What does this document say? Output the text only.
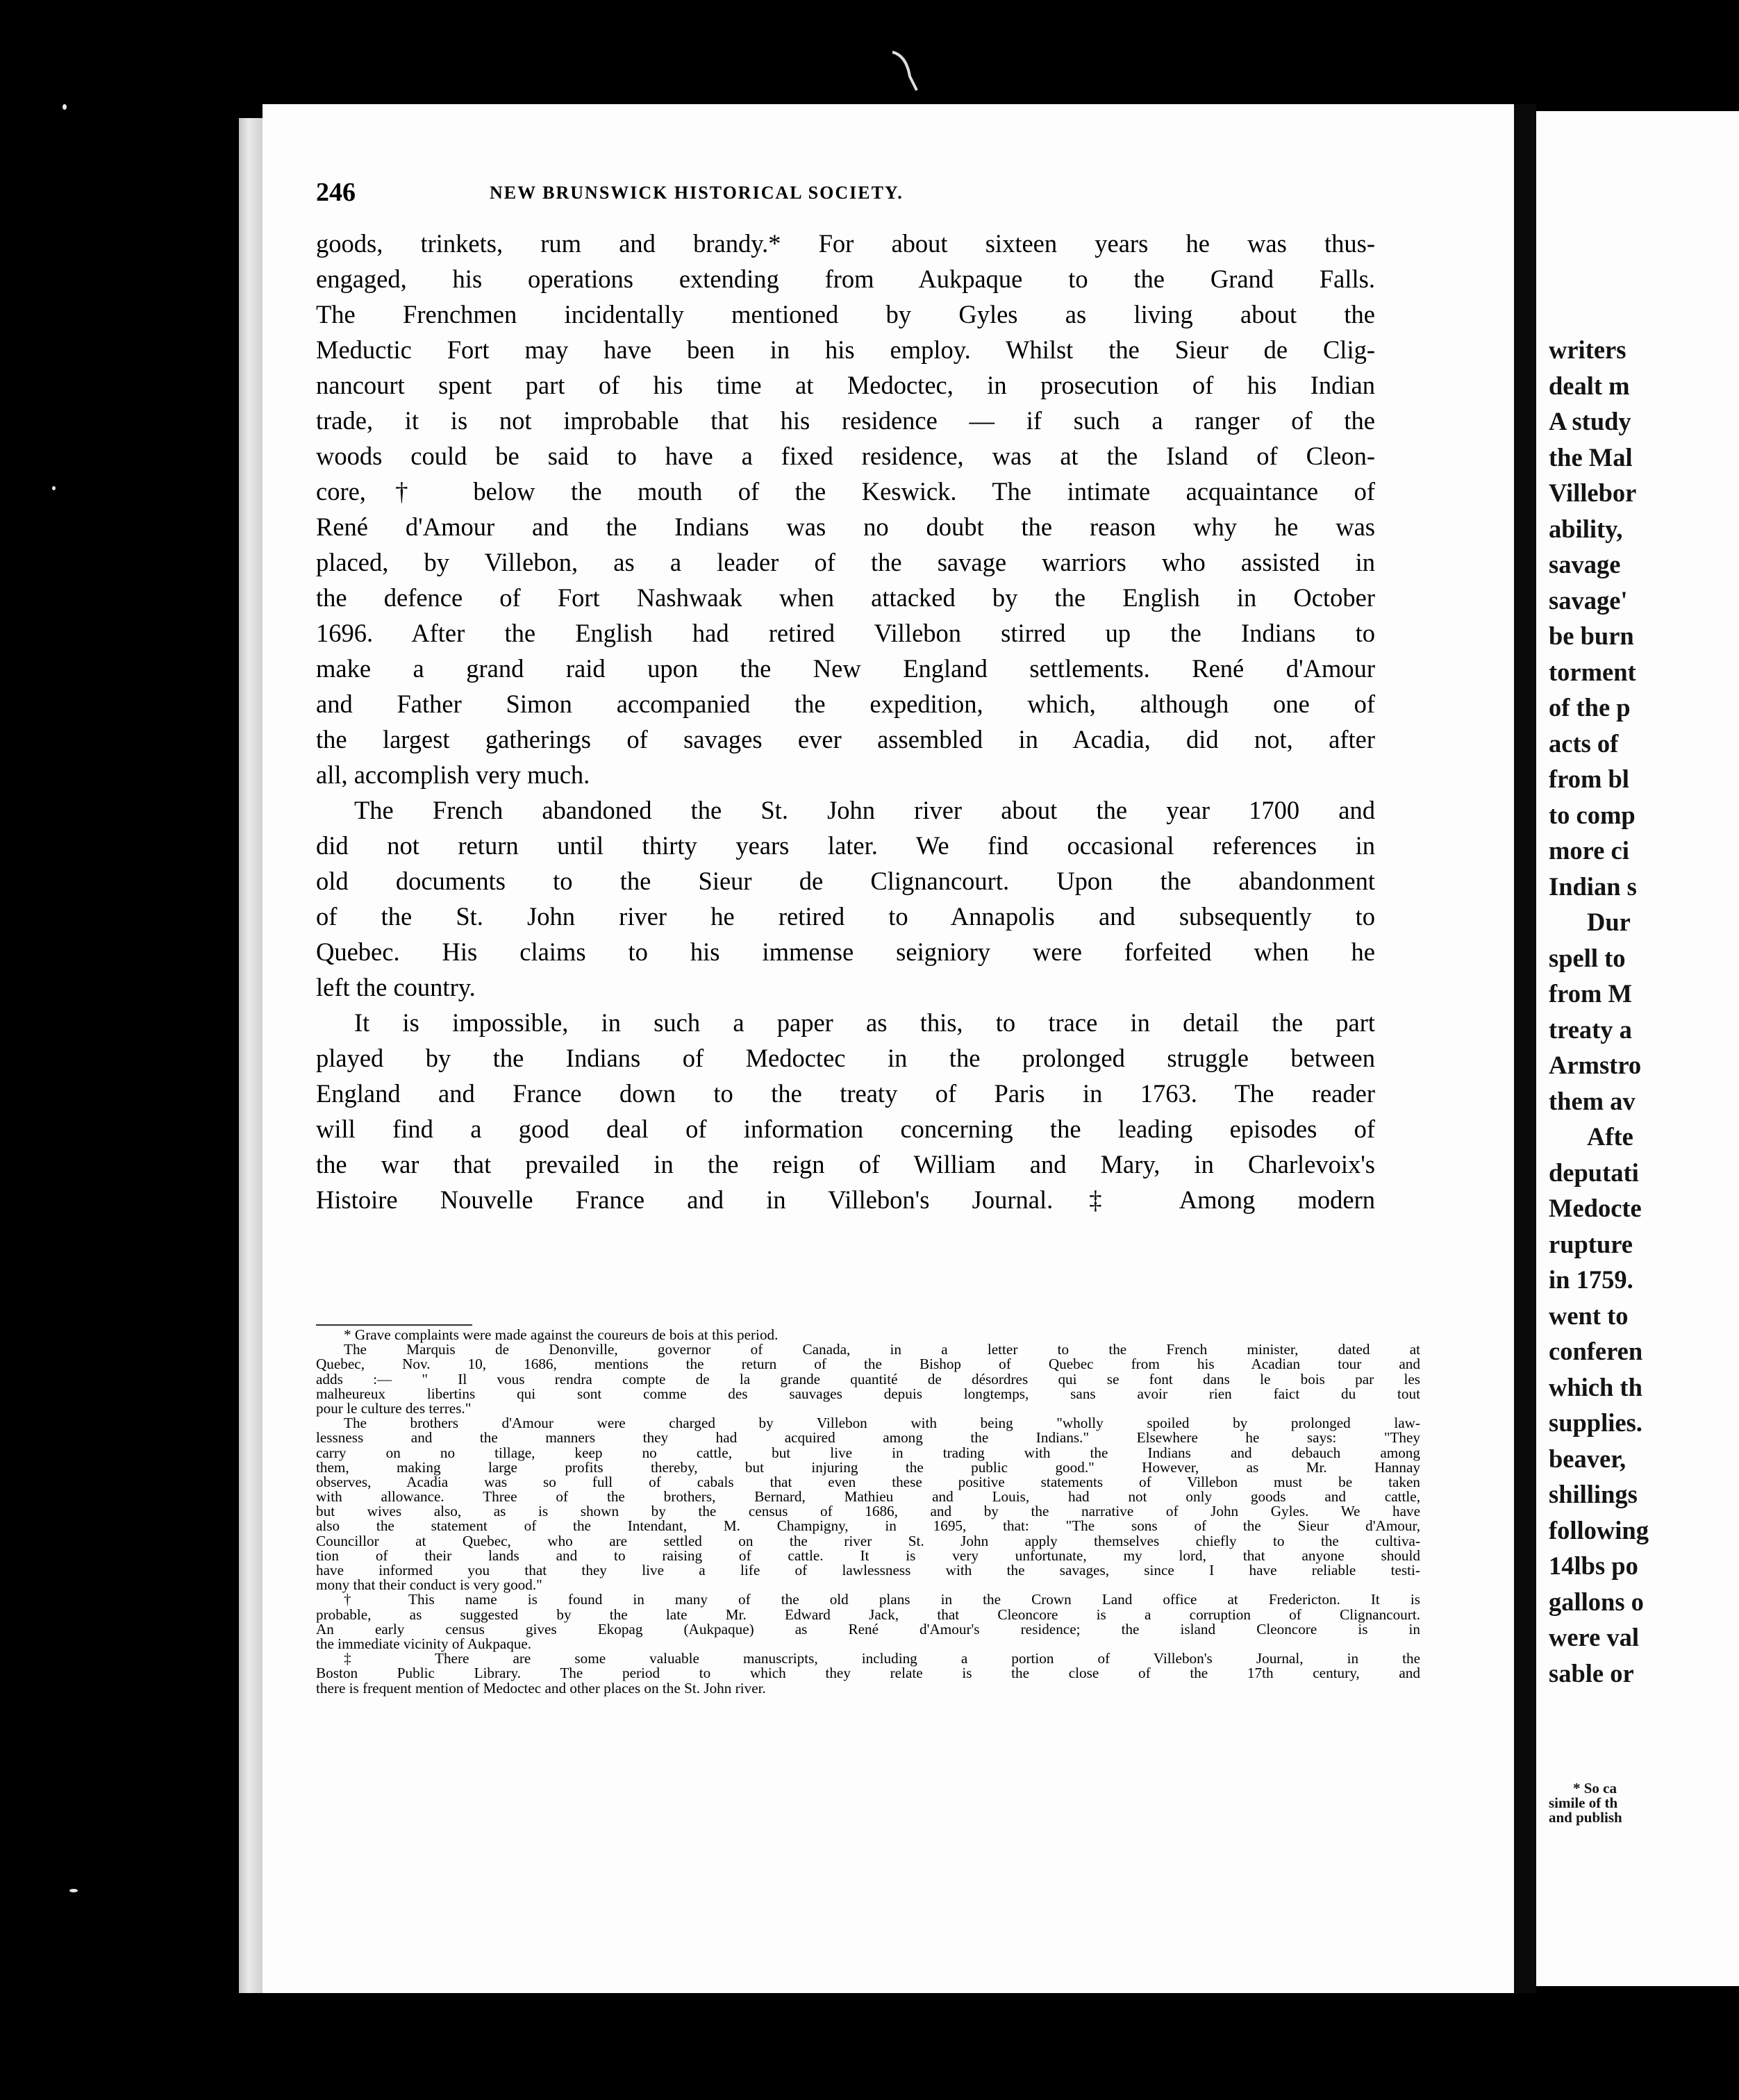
246	NEW BRUNSWICK HISTORICAL SOCIETY.
goods, trinkets, rum and brandy.* For about sixteen years he was thus-
engaged, his operations extending from Aukpaque to the Grand Falls.
The Frenchmen incidentally mentioned by Gyles as living about the
Meductic Fort may have been in his employ. Whilst the Sieur de Clig-
nancourt spent part of his time at Medoctec, in prosecution of his Indian
trade, it is not improbable that his residence — if such a ranger of the
woods could be said to have a fixed residence, was at the Island of Cleon-
core,† below the mouth of the Keswick. The intimate acquaintance of
René d'Amour and the Indians was no doubt the reason why he was
placed, by Villebon, as a leader of the savage warriors who assisted in
the defence of Fort Nashwaak when attacked by the English in October
1696. After the English had retired Villebon stirred up the Indians to
make a grand raid upon the New England settlements. René d'Amour
and Father Simon accompanied the expedition, which, although one of
the largest gatherings of savages ever assembled in Acadia, did not, after
all, accomplish very much.
The French abandoned the St. John river about the year 1700 and
did not return until thirty years later. We find occasional references in
old documents to the Sieur de Clignancourt. Upon the abandonment
of the St. John river he retired to Annapolis and subsequently to
Quebec. His claims to his immense seigniory were forfeited when he
left the country.
It is impossible, in such a paper as this, to trace in detail the part
played by the Indians of Medoctec in the prolonged struggle between
England and France down to the treaty of Paris in 1763. The reader
will find a good deal of information concerning the leading episodes of
the war that prevailed in the reign of William and Mary, in Charlevoix's
Histoire Nouvelle France and in Villebon's Journal.‡ Among modern
* Grave complaints were made against the coureurs de bois at this period.
The Marquis de Denonville, governor of Canada, in a letter to the French minister, dated at
Quebec, Nov. 10, 1686, mentions the return of the Bishop of Quebec from his Acadian tour and
adds :— " Il vous rendra compte de la grande quantité de désordres qui se font dans le bois par les
malheureux libertins qui sont comme des sauvages depuis longtemps, sans avoir rien faict du tout
pour le culture des terres."
The brothers d'Amour were charged by Villebon with being "wholly spoiled by prolonged law-
lessness and the manners they had acquired among the Indians." Elsewhere he says: "They
carry on no tillage, keep no cattle, but live in trading with the Indians and debauch among
them, making large profits thereby, but injuring the public good." However, as Mr. Hannay
observes, Acadia was so full of cabals that even these positive statements of Villebon must be taken
with allowance. Three of the brothers, Bernard, Mathieu and Louis, had not only goods and cattle,
but wives also, as is shown by the census of 1686, and by the narrative of John Gyles. We have
also the statement of the Intendant, M. Champigny, in 1695, that: "The sons of the Sieur d'Amour,
Councillor at Quebec, who are settled on the river St. John apply themselves chiefly to the cultiva-
tion of their lands and to raising of cattle. It is very unfortunate, my lord, that anyone should
have informed you that they live a life of lawlessness with the savages, since I have reliable testi-
mony that their conduct is very good."
† This name is found in many of the old plans in the Crown Land office at Fredericton. It is
probable, as suggested by the late Mr. Edward Jack, that Cleoncore is a corruption of Clignancourt.
An early census gives Ekopag (Aukpaque) as René d'Amour's residence; the island Cleoncore is in
the immediate vicinity of Aukpaque.
‡ There are some valuable manuscripts, including a portion of Villebon's Journal, in the
Boston Public Library. The period to which they relate is the close of the 17th century, and
there is frequent mention of Medoctec and other places on the St. John river.
writers
dealt m
A study
the Mal
Villebor
ability,
savage
savage'
be burn
torment
of the p
acts of
from bl
to comp
more ci
Indian s
Dur
spell to
from M
treaty a
Armstro
them av
Afte
deputati
Medocte
rupture
in 1759.
went to
conferen
which th
supplies.
beaver,
shillings
following
14lbs po
gallons o
were val
sable or
* So ca
simile of th
and publish
